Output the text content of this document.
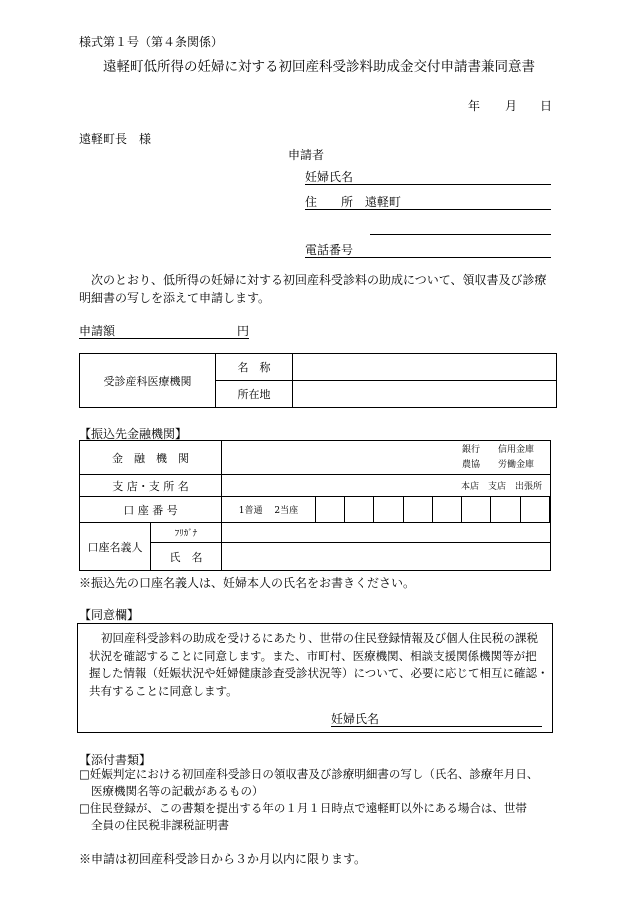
様式第１号（第４条関係）
遠軽町低所得の妊婦に対する初回産科受診料助成金交付申請書兼同意書
年 月 日
遠軽町長　様
申請者
妊婦氏名
住　　所 遠軽町
電話番号
次のとおり、低所得の妊婦に対する初回産科受診料の助成について、領収書及び診療
明細書の写しを添えて申請します。
申請額	円
受診産科医療機関	名　称	
	所在地	
【振込先金融機関】
金　融　機　関		銀行　　信用金庫
農協　　労働金庫									

支 店・支 所 名		本店　支店　出張所									
口 座 番 号		1普通　 2当座									
口座名義人	ﾌﾘｶﾞﾅ										
	氏　名										
※振込先の口座名義人は、妊婦本人の氏名をお書きください。
【同意欄】
初回産科受診料の助成を受けるにあたり、世帯の住民登録情報及び個人住民税の課税
状況を確認することに同意します。また、市町村、医療機関、相談支援関係機関等が把
握した情報（妊娠状況や妊婦健康診査受診状況等）について、必要に応じて相互に確認・
共有することに同意します。
妊婦氏名
【添付書類】
□妊娠判定における初回産科受診日の領収書及び診療明細書の写し（氏名、診療年月日、
医療機関名等の記載があるもの）
□住民登録が、この書類を提出する年の１月１日時点で遠軽町以外にある場合は、世帯
全員の住民税非課税証明書
※申請は初回産科受診日から３か月以内に限ります。
